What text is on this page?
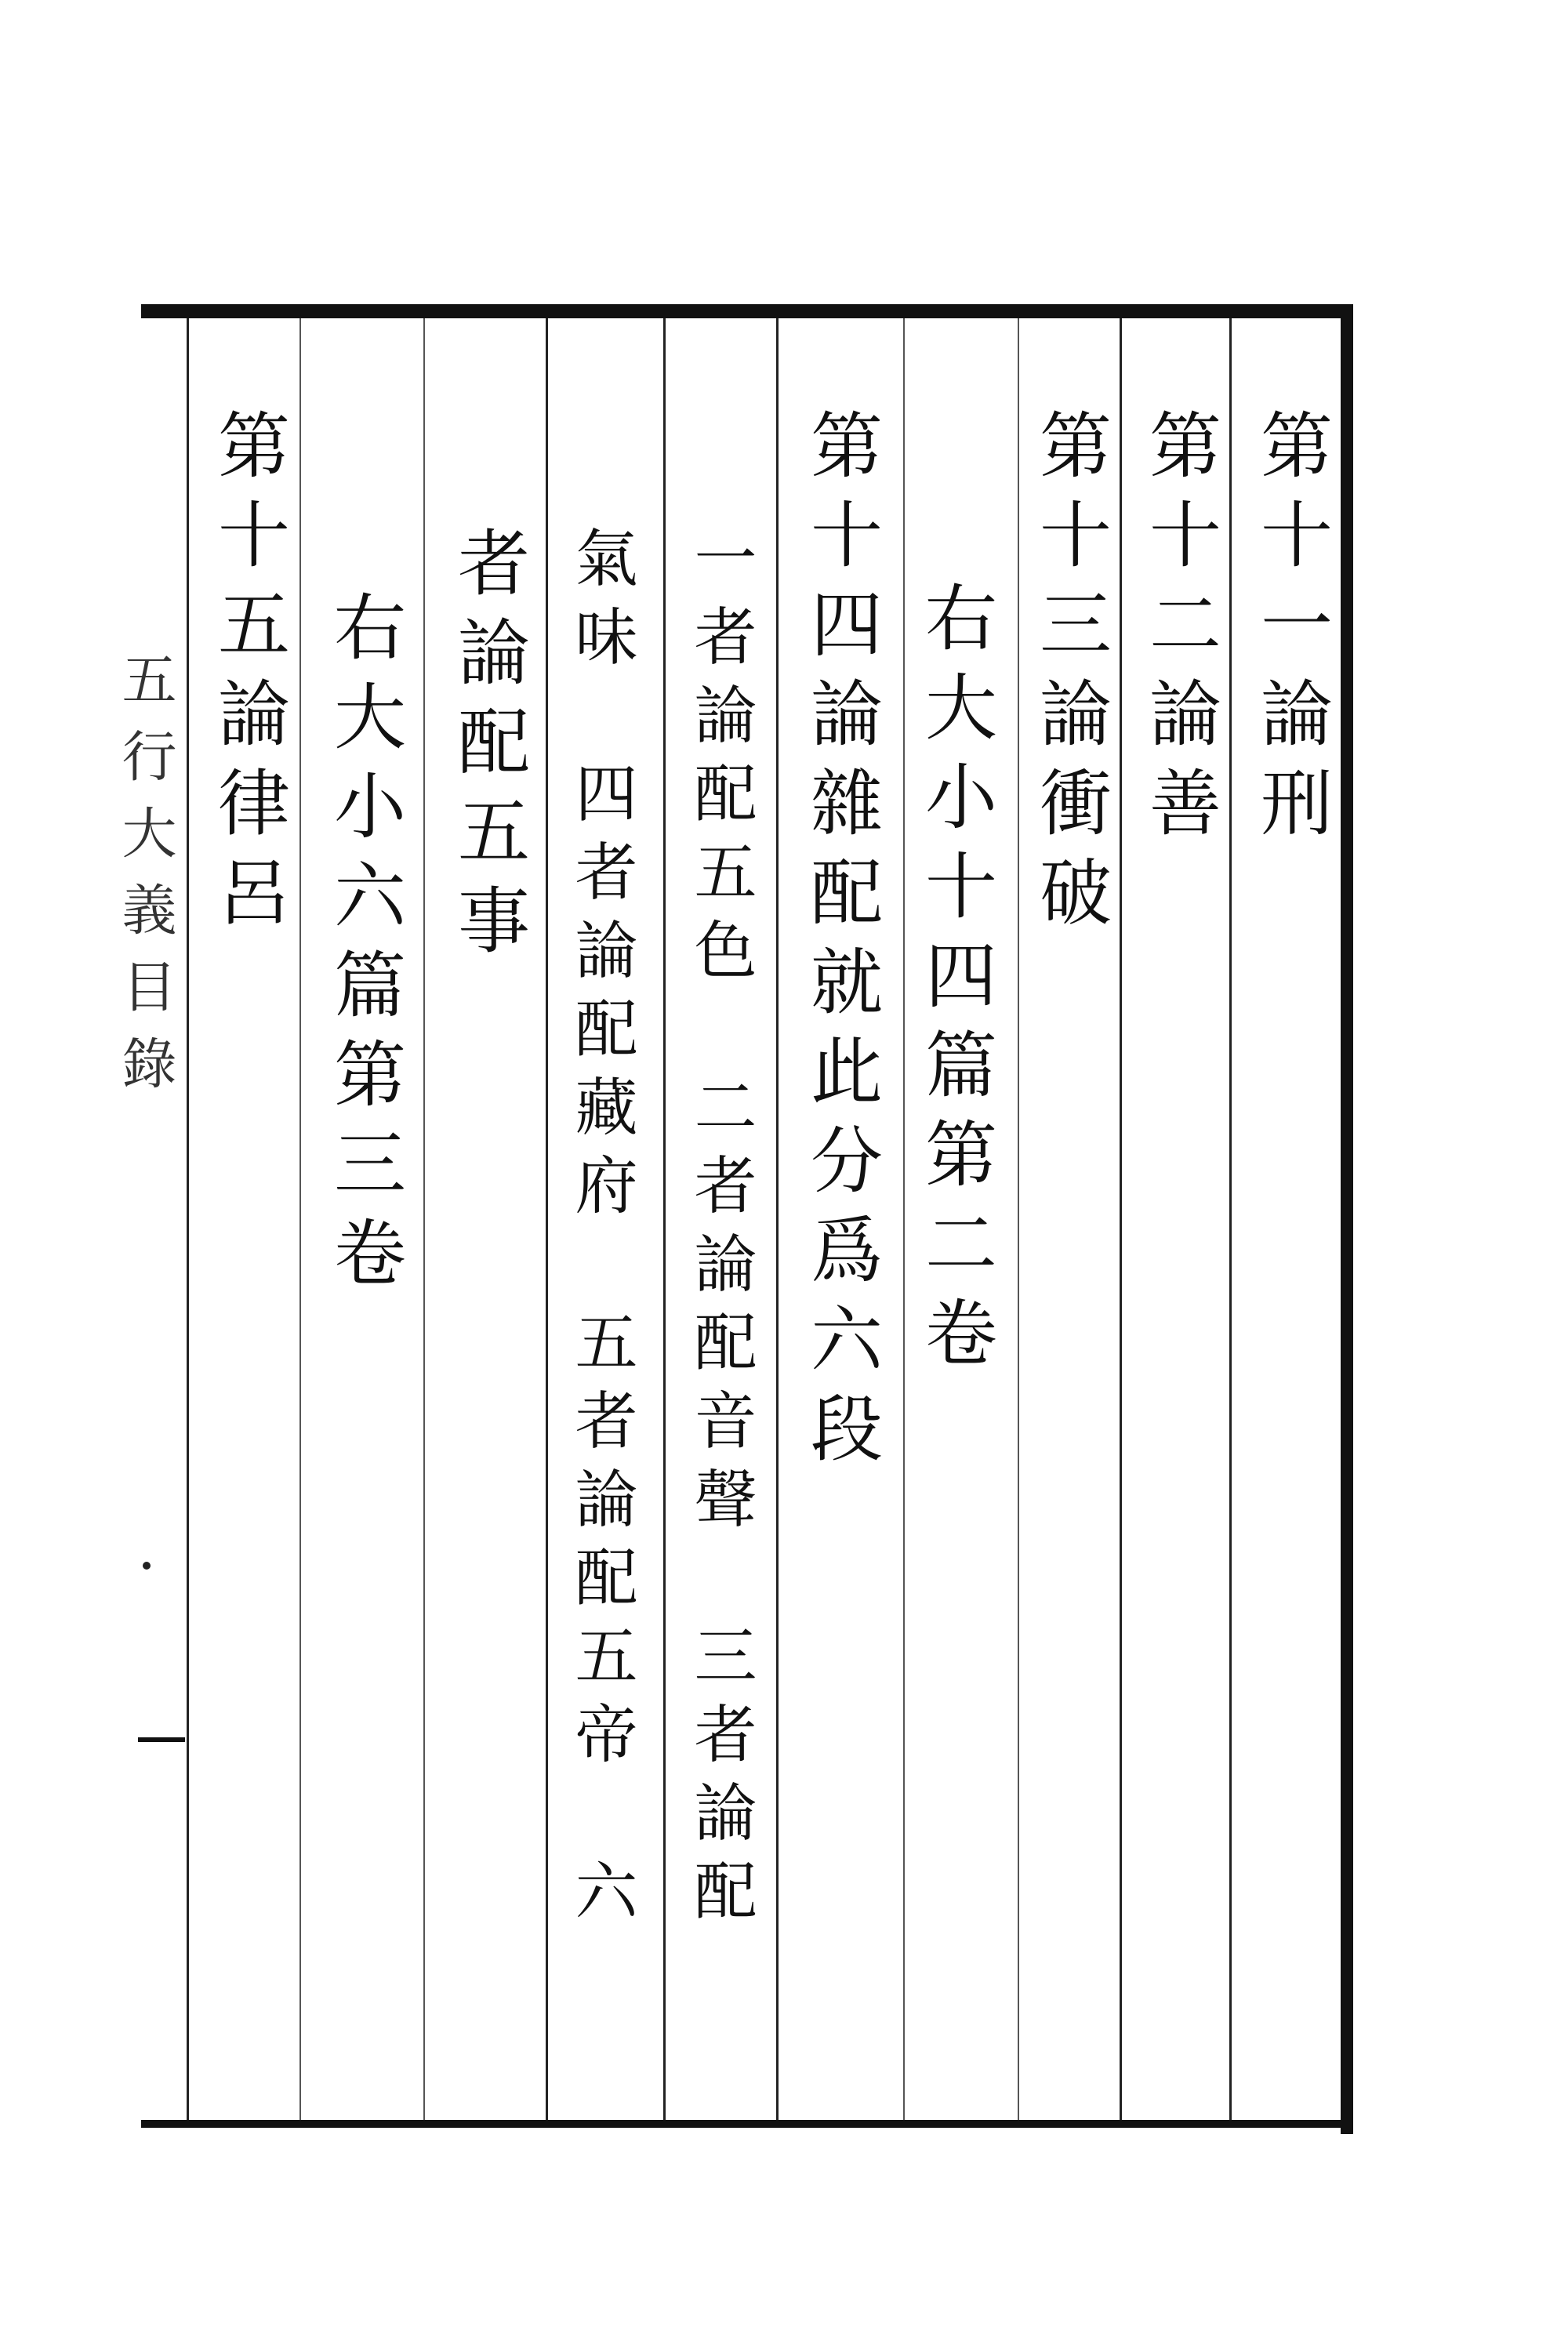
第十一論刑
第十二論善
第十三論衝破
右大小十四篇第二卷
第十四論雜配就此分爲六段
一者論配五色　二者論配音聲　三者論配
氣味　四者論配藏府　五者論配五帝　六
者論配五事
右大小六篇第三卷
第十五論律呂
五行大義目錄
